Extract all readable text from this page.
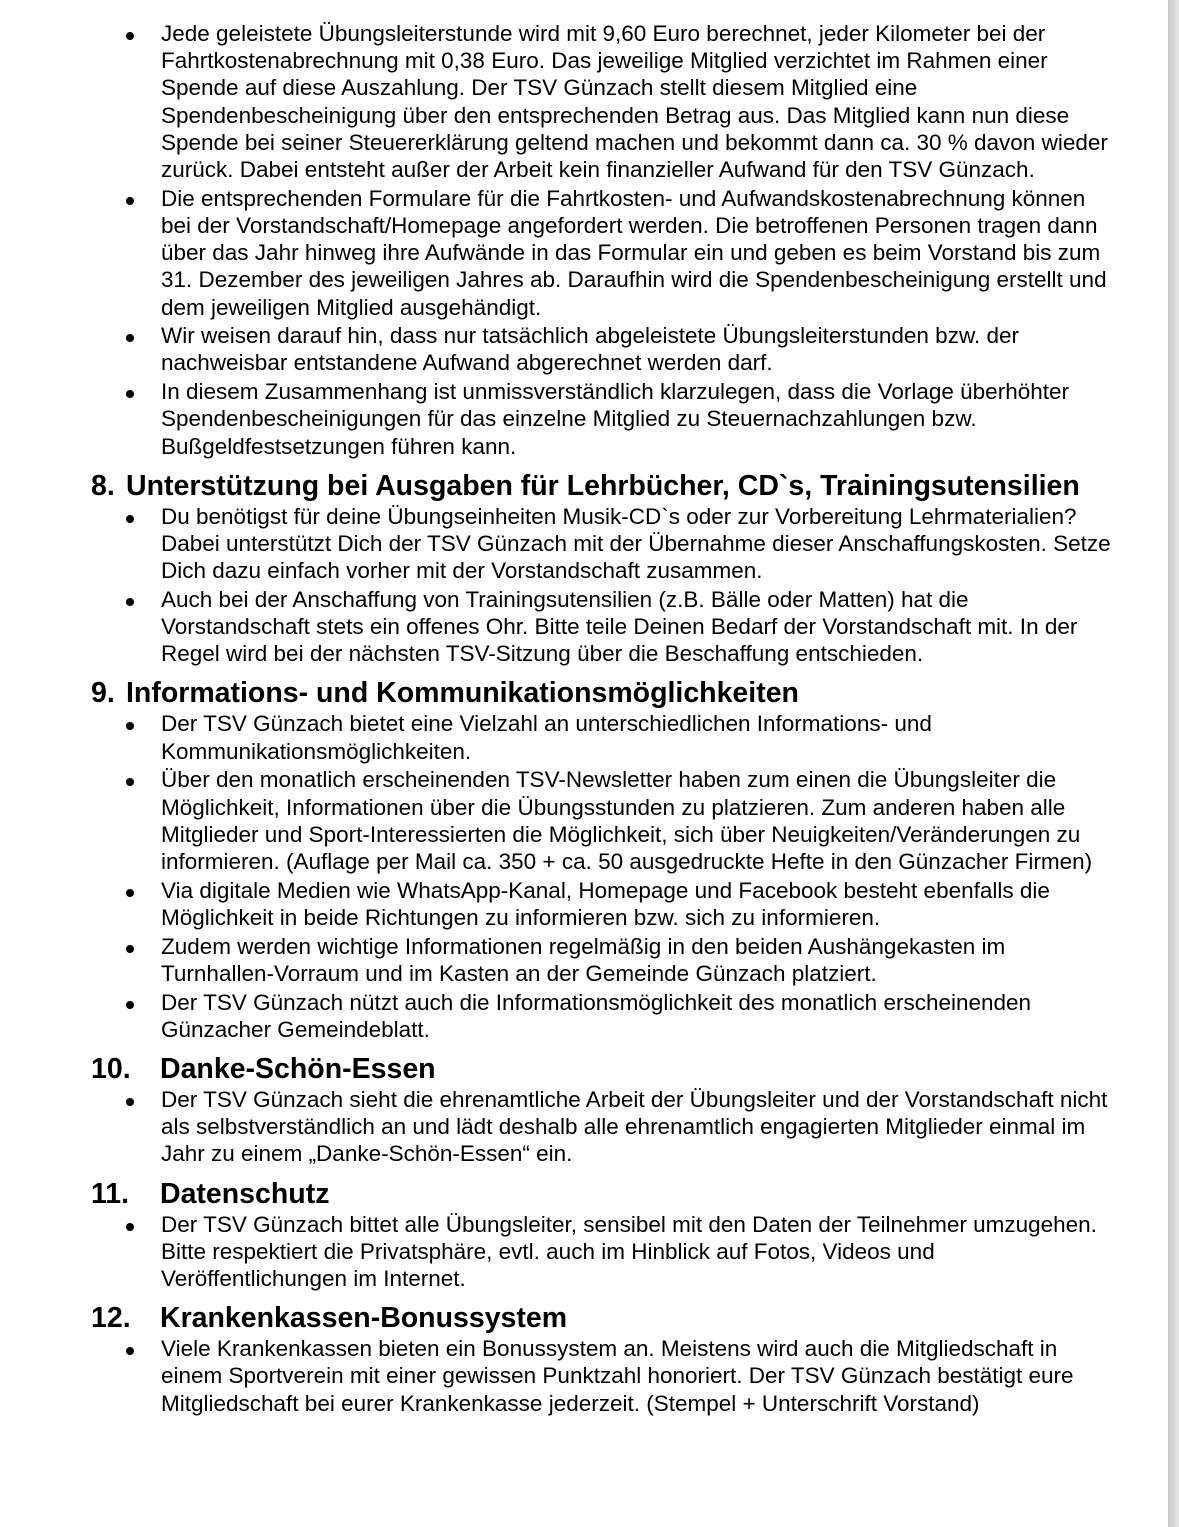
Jede geleistete Übungsleiterstunde wird mit 9,60 Euro berechnet, jeder Kilometer bei der Fahrtkostenabrechnung mit 0,38 Euro. Das jeweilige Mitglied verzichtet im Rahmen einer Spende auf diese Auszahlung. Der TSV Günzach stellt diesem Mitglied eine Spendenbescheinigung über den entsprechenden Betrag aus. Das Mitglied kann nun diese Spende bei seiner Steuererklärung geltend machen und bekommt dann ca. 30 % davon wieder zurück. Dabei entsteht außer der Arbeit kein finanzieller Aufwand für den TSV Günzach.
Die entsprechenden Formulare für die Fahrtkosten- und Aufwandskostenabrechnung können bei der Vorstandschaft/Homepage angefordert werden. Die betroffenen Personen tragen dann über das Jahr hinweg ihre Aufwände in das Formular ein und geben es beim Vorstand bis zum 31. Dezember des jeweiligen Jahres ab. Daraufhin wird die Spendenbescheinigung erstellt und dem jeweiligen Mitglied ausgehändigt.
Wir weisen darauf hin, dass nur tatsächlich abgeleistete Übungsleiterstunden bzw. der nachweisbar entstandene Aufwand abgerechnet werden darf.
In diesem Zusammenhang ist unmissverständlich klarzulegen, dass die Vorlage überhöhter Spendenbescheinigungen für das einzelne Mitglied zu Steuernachzahlungen bzw. Bußgeldfestsetzungen führen kann.
8. Unterstützung bei Ausgaben für Lehrbücher, CD`s, Trainingsutensilien
Du benötigst für deine Übungseinheiten Musik-CD`s oder zur Vorbereitung Lehrmaterialien? Dabei unterstützt Dich der TSV Günzach mit der Übernahme dieser Anschaffungskosten. Setze Dich dazu einfach vorher mit der Vorstandschaft zusammen.
Auch bei der Anschaffung von Trainingsutensilien (z.B. Bälle oder Matten) hat die Vorstandschaft stets ein offenes Ohr. Bitte teile Deinen Bedarf der Vorstandschaft mit. In der Regel wird bei der nächsten TSV-Sitzung über die Beschaffung entschieden.
9. Informations- und Kommunikationsmöglichkeiten
Der TSV Günzach bietet eine Vielzahl an unterschiedlichen Informations- und Kommunikationsmöglichkeiten.
Über den monatlich erscheinenden TSV-Newsletter haben zum einen die Übungsleiter die Möglichkeit, Informationen über die Übungsstunden zu platzieren. Zum anderen haben alle Mitglieder und Sport-Interessierten die Möglichkeit, sich über Neuigkeiten/Veränderungen zu informieren. (Auflage per Mail ca. 350 + ca. 50 ausgedruckte Hefte in den Günzacher Firmen)
Via digitale Medien wie WhatsApp-Kanal, Homepage und Facebook besteht ebenfalls die Möglichkeit in beide Richtungen zu informieren bzw. sich zu informieren.
Zudem werden wichtige Informationen regelmäßig in den beiden Aushängekasten im Turnhallen-Vorraum und im Kasten an der Gemeinde Günzach platziert.
Der TSV Günzach nützt auch die Informationsmöglichkeit des monatlich erscheinenden Günzacher Gemeindeblatt.
10. Danke-Schön-Essen
Der TSV Günzach sieht die ehrenamtliche Arbeit der Übungsleiter und der Vorstandschaft nicht als selbstverständlich an und lädt deshalb alle ehrenamtlich engagierten Mitglieder einmal im Jahr zu einem „Danke-Schön-Essen“ ein.
11. Datenschutz
Der TSV Günzach bittet alle Übungsleiter, sensibel mit den Daten der Teilnehmer umzugehen. Bitte respektiert die Privatsphäre, evtl. auch im Hinblick auf Fotos, Videos und Veröffentlichungen im Internet.
12. Krankenkassen-Bonussystem
Viele Krankenkassen bieten ein Bonussystem an. Meistens wird auch die Mitgliedschaft in einem Sportverein mit einer gewissen Punktzahl honoriert. Der TSV Günzach bestätigt eure Mitgliedschaft bei eurer Krankenkasse jederzeit. (Stempel + Unterschrift Vorstand)
